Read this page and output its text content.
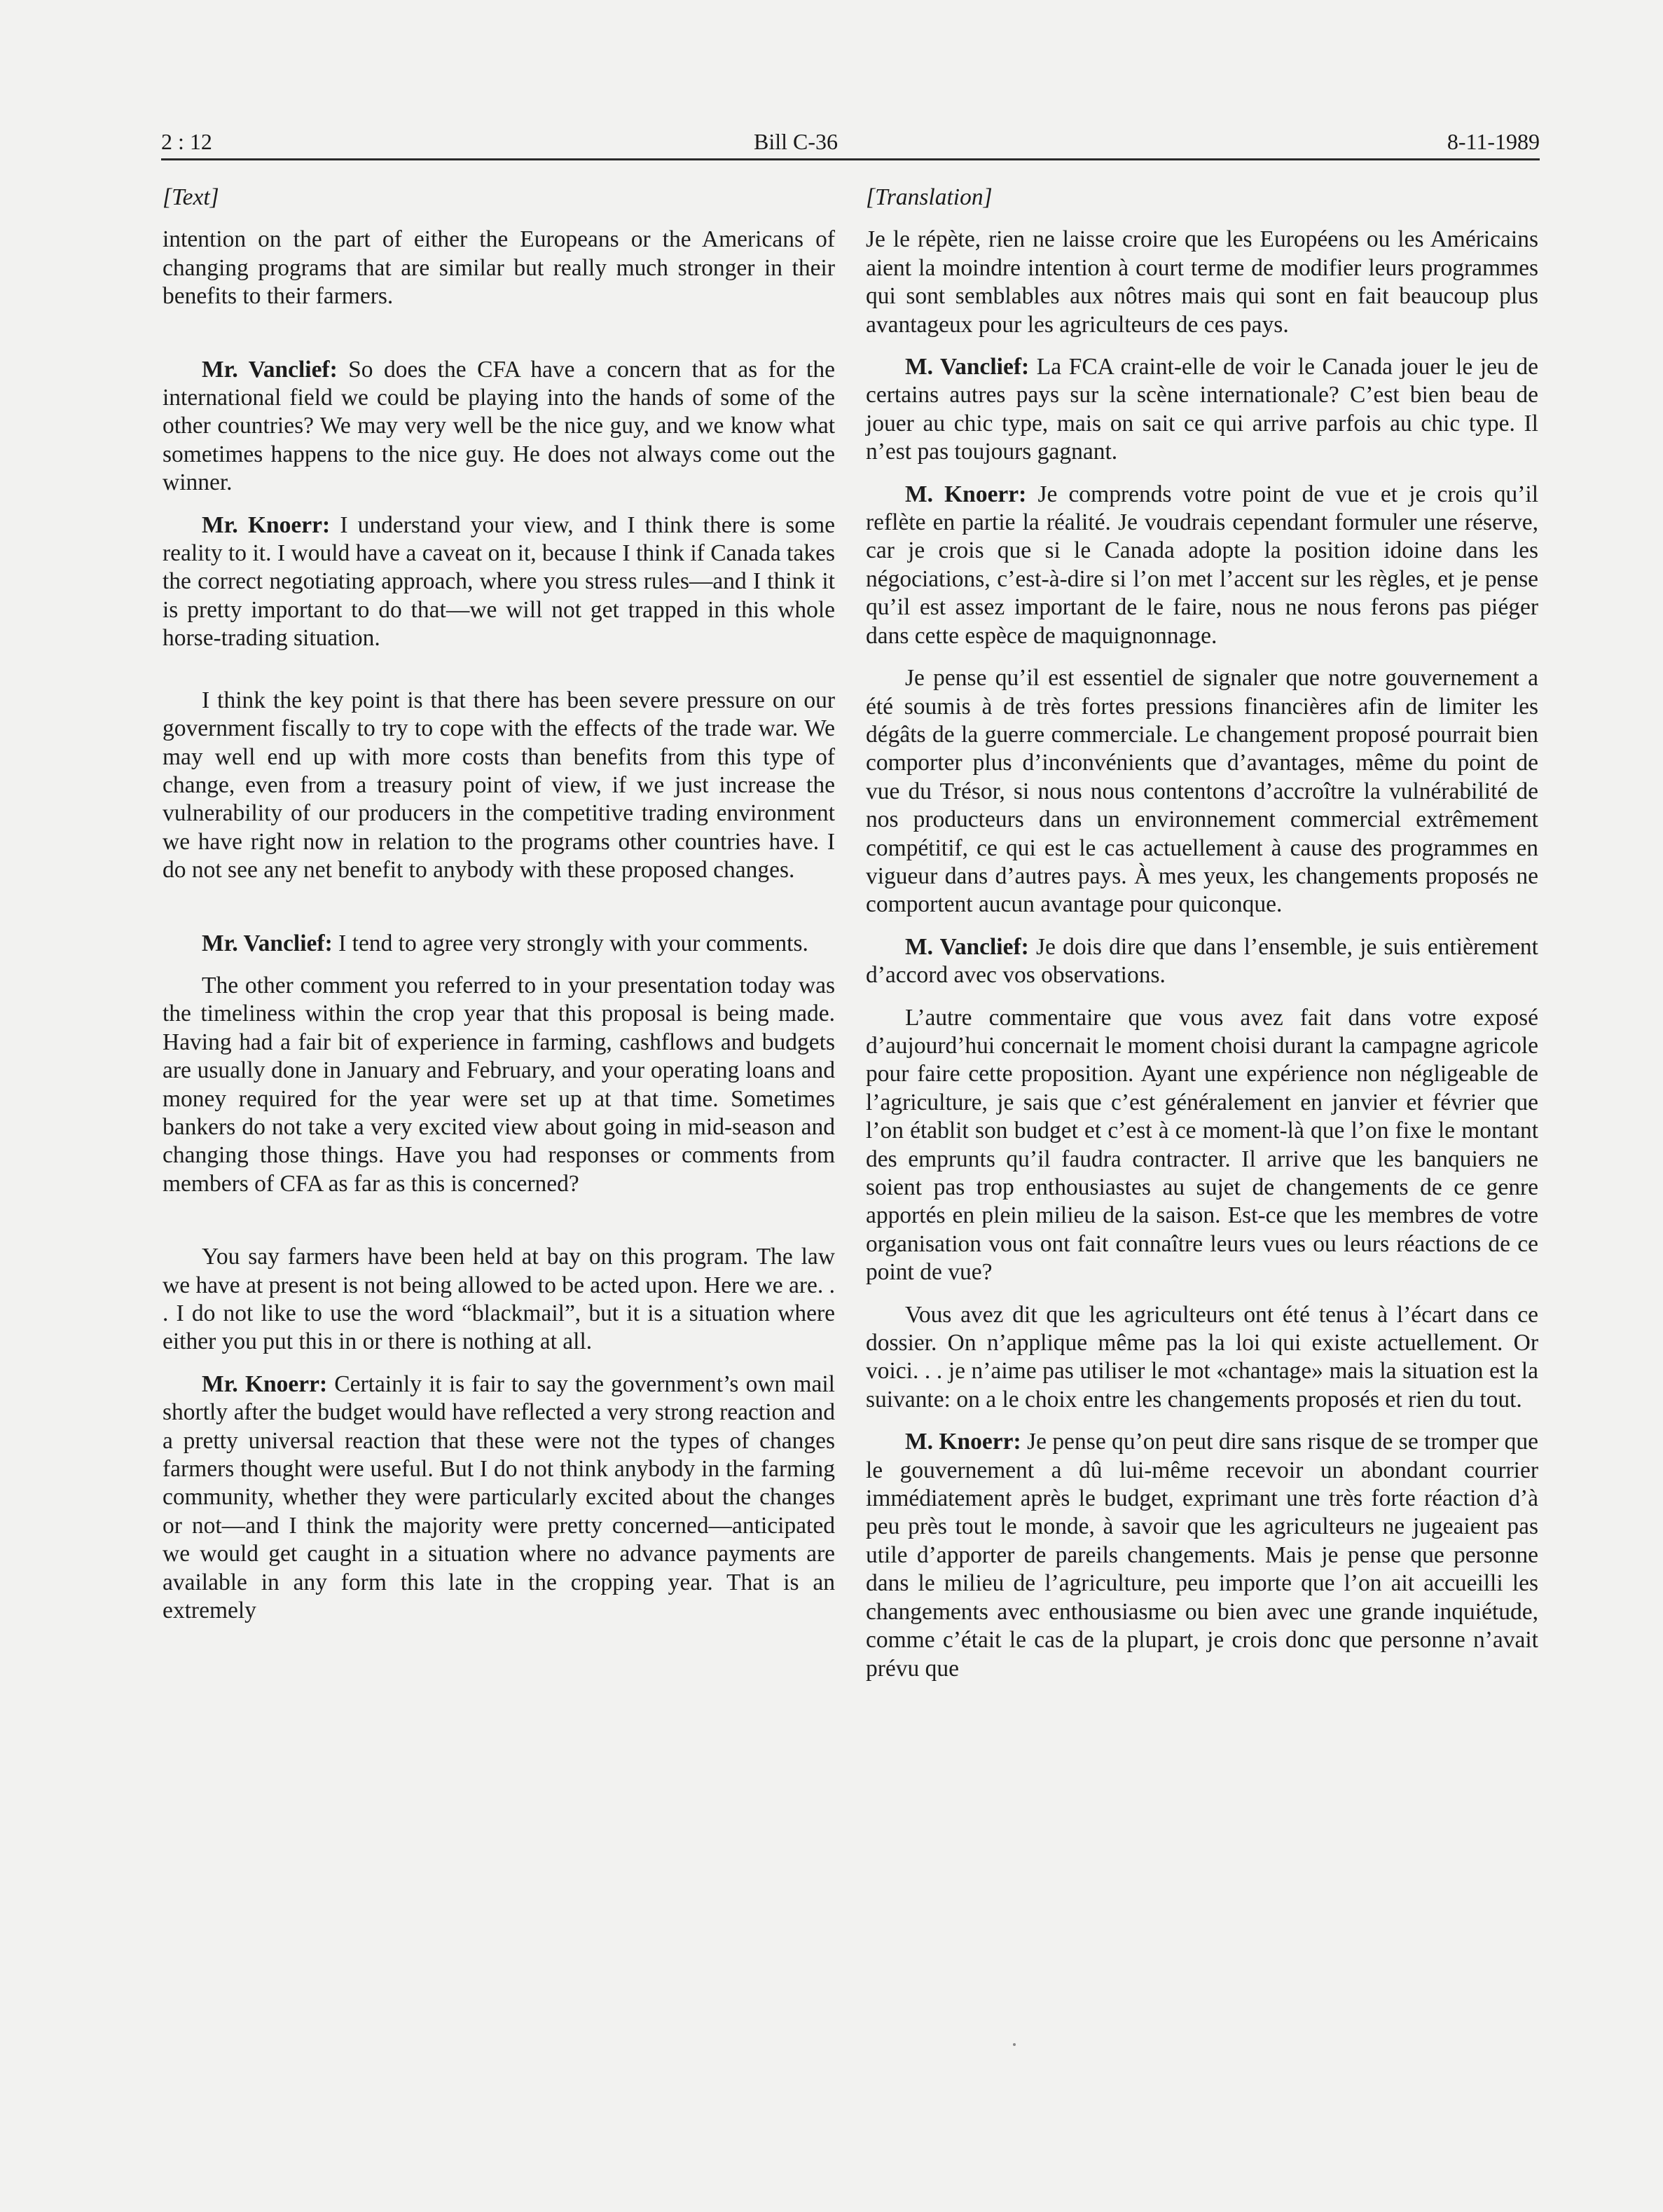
2 : 12	Bill C-36	8-11-1989

[Text]

intention on the part of either the Europeans or the Americans of changing programs that are similar but really much stronger in their benefits to their farmers.

Mr. Vanclief: So does the CFA have a concern that as for the international field we could be playing into the hands of some of the other countries? We may very well be the nice guy, and we know what sometimes happens to the nice guy. He does not always come out the winner.

Mr. Knoerr: I understand your view, and I think there is some reality to it. I would have a caveat on it, because I think if Canada takes the correct negotiating approach, where you stress rules—and I think it is pretty important to do that—we will not get trapped in this whole horse-trading situation.

I think the key point is that there has been severe pressure on our government fiscally to try to cope with the effects of the trade war. We may well end up with more costs than benefits from this type of change, even from a treasury point of view, if we just increase the vulnerability of our producers in the competitive trading environment we have right now in relation to the programs other countries have. I do not see any net benefit to anybody with these proposed changes.

Mr. Vanclief: I tend to agree very strongly with your comments.

The other comment you referred to in your presentation today was the timeliness within the crop year that this proposal is being made. Having had a fair bit of experience in farming, cashflows and budgets are usually done in January and February, and your operating loans and money required for the year were set up at that time. Sometimes bankers do not take a very excited view about going in mid-season and changing those things. Have you had responses or comments from members of CFA as far as this is concerned?

You say farmers have been held at bay on this program. The law we have at present is not being allowed to be acted upon. Here we are. . . I do not like to use the word “blackmail”, but it is a situation where either you put this in or there is nothing at all.

Mr. Knoerr: Certainly it is fair to say the government’s own mail shortly after the budget would have reflected a very strong reaction and a pretty universal reaction that these were not the types of changes farmers thought were useful. But I do not think anybody in the farming community, whether they were particularly excited about the changes or not—and I think the majority were pretty concerned—anticipated we would get caught in a situation where no advance payments are available in any form this late in the cropping year. That is an extremely

[Translation]

Je le répète, rien ne laisse croire que les Européens ou les Américains aient la moindre intention à court terme de modifier leurs programmes qui sont semblables aux nôtres mais qui sont en fait beaucoup plus avantageux pour les agriculteurs de ces pays.

M. Vanclief: La FCA craint-elle de voir le Canada jouer le jeu de certains autres pays sur la scène internationale? C’est bien beau de jouer au chic type, mais on sait ce qui arrive parfois au chic type. Il n’est pas toujours gagnant.

M. Knoerr: Je comprends votre point de vue et je crois qu’il reflète en partie la réalité. Je voudrais cependant formuler une réserve, car je crois que si le Canada adopte la position idoine dans les négociations, c’est-à-dire si l’on met l’accent sur les règles, et je pense qu’il est assez important de le faire, nous ne nous ferons pas piéger dans cette espèce de maquignonnage.

Je pense qu’il est essentiel de signaler que notre gouvernement a été soumis à de très fortes pressions financières afin de limiter les dégâts de la guerre commerciale. Le changement proposé pourrait bien comporter plus d’inconvénients que d’avantages, même du point de vue du Trésor, si nous nous contentons d’accroître la vulnérabilité de nos producteurs dans un environnement commercial extrêmement compétitif, ce qui est le cas actuellement à cause des programmes en vigueur dans d’autres pays. À mes yeux, les changements proposés ne comportent aucun avantage pour quiconque.

M. Vanclief: Je dois dire que dans l’ensemble, je suis entièrement d’accord avec vos observations.

L’autre commentaire que vous avez fait dans votre exposé d’aujourd’hui concernait le moment choisi durant la campagne agricole pour faire cette proposition. Ayant une expérience non négligeable de l’agriculture, je sais que c’est généralement en janvier et février que l’on établit son budget et c’est à ce moment-là que l’on fixe le montant des emprunts qu’il faudra contracter. Il arrive que les banquiers ne soient pas trop enthousiastes au sujet de changements de ce genre apportés en plein milieu de la saison. Est-ce que les membres de votre organisation vous ont fait connaître leurs vues ou leurs réactions de ce point de vue?

Vous avez dit que les agriculteurs ont été tenus à l’écart dans ce dossier. On n’applique même pas la loi qui existe actuellement. Or voici. . . je n’aime pas utiliser le mot «chantage» mais la situation est la suivante: on a le choix entre les changements proposés et rien du tout.

M. Knoerr: Je pense qu’on peut dire sans risque de se tromper que le gouvernement a dû lui-même recevoir un abondant courrier immédiatement après le budget, exprimant une très forte réaction d’à peu près tout le monde, à savoir que les agriculteurs ne jugeaient pas utile d’apporter de pareils changements. Mais je pense que personne dans le milieu de l’agriculture, peu importe que l’on ait accueilli les changements avec enthousiasme ou bien avec une grande inquiétude, comme c’était le cas de la plupart, je crois donc que personne n’avait prévu que
